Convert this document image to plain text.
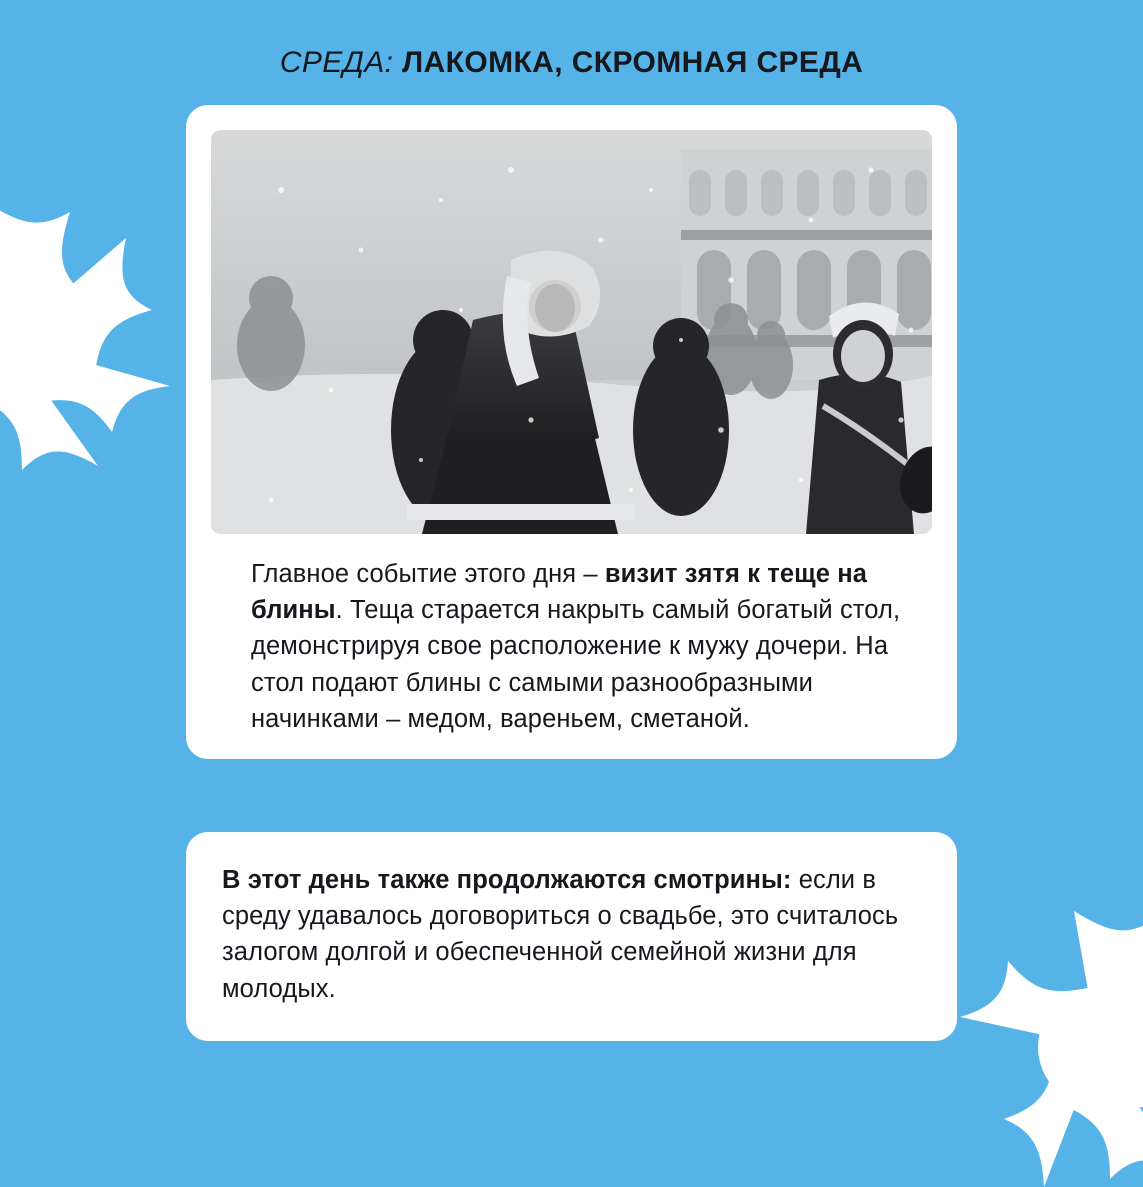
СРЕДА: ЛАКОМКА, СКРОМНАЯ СРЕДА
Главное событие этого дня – визит зятя к теще на блины. Теща старается накрыть самый богатый стол, демонстрируя свое расположение к мужу дочери. На стол подают блины с самыми разнообразными начинками – медом, вареньем, сметаной.
В этот день также продолжаются смотрины: если в среду удавалось договориться о свадьбе, это считалось залогом долгой и обеспеченной семейной жизни для молодых.
